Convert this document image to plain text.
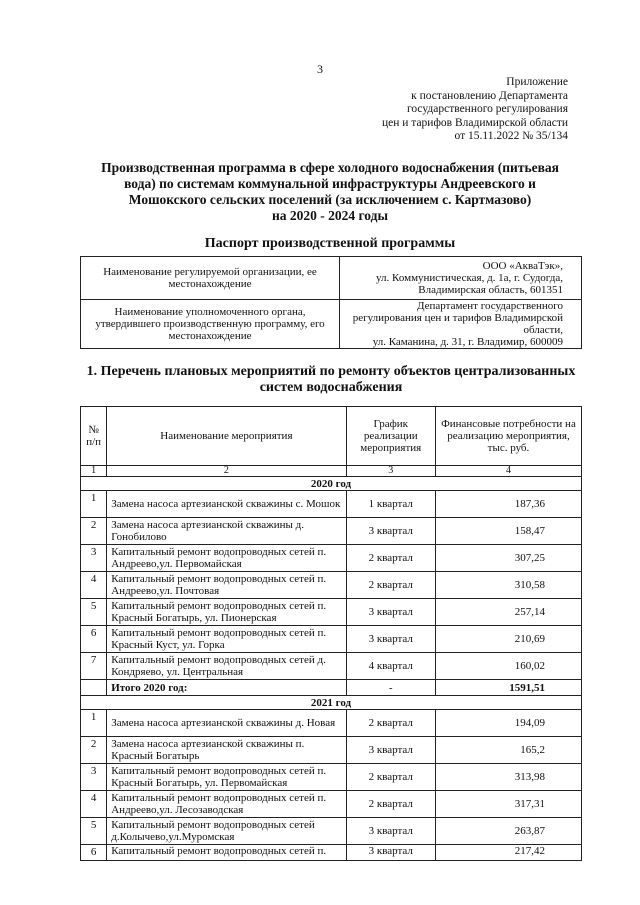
3
Приложение
к постановлению Департамента
государственного регулирования
цен и тарифов Владимирской области
от 15.11.2022 № 35/134
Производственная программа в сфере холодного водоснабжения (питьевая
вода) по системам коммунальной инфраструктуры Андреевского и
Мошокского сельских поселений (за исключением с. Картмазово)
на 2020 - 2024 годы
Паспорт производственной программы
Наименование регулируемой организации, ее местонахождение	ООО «АкваТэк»,
ул. Коммунистическая, д. 1а, г. Судогда,
Владимирская область, 601351

Наименование уполномоченного органа, утвердившего производственную программу, его местонахождение	Департамент государственного
регулирования цен и тарифов Владимирской
области,
ул. Каманина, д. 31, г. Владимир, 600009
1. Перечень плановых мероприятий по ремонту объектов централизованных
систем водоснабжения
№ п/п	Наименование мероприятия	График реализации мероприятия	Финансовые потребности на реализацию мероприятия, тыс. руб.
1	2	3	4
2020 год			
1	Замена насоса артезианской скважины с. Мошок	1 квартал	187,36
2	Замена насоса артезианской скважины д. Гонобилово	3 квартал	158,47
3	Капитальный ремонт водопроводных сетей п. Андреево,ул. Первомайская	2 квартал	307,25
4	Капитальный ремонт водопроводных сетей п. Андреево,ул. Почтовая	2 квартал	310,58
5	Капитальный ремонт водопроводных сетей п. Красный Богатырь, ул. Пионерская	3 квартал	257,14
6	Капитальный ремонт водопроводных сетей п. Красный Куст, ул. Горка	3 квартал	210,69
7	Капитальный ремонт водопроводных сетей д. Кондряево, ул. Центральная	4 квартал	160,02
	Итого 2020 год:	-	1591,51
2021 год			
1	Замена насоса артезианской скважины д. Новая	2 квартал	194,09
2	Замена насоса артезианской скважины п. Красный Богатырь	3 квартал	165,2
3	Капитальный ремонт водопроводных сетей п. Красный Богатырь, ул. Первомайская	2 квартал	313,98
4	Капитальный ремонт водопроводных сетей п. Андреево,ул. Лесозаводская	2 квартал	317,31
5	Капитальный ремонт водопроводных сетей д.Колычево,ул.Муромская	3 квартал	263,87
6	Капитальный ремонт водопроводных сетей п.	3 квартал	217,42
